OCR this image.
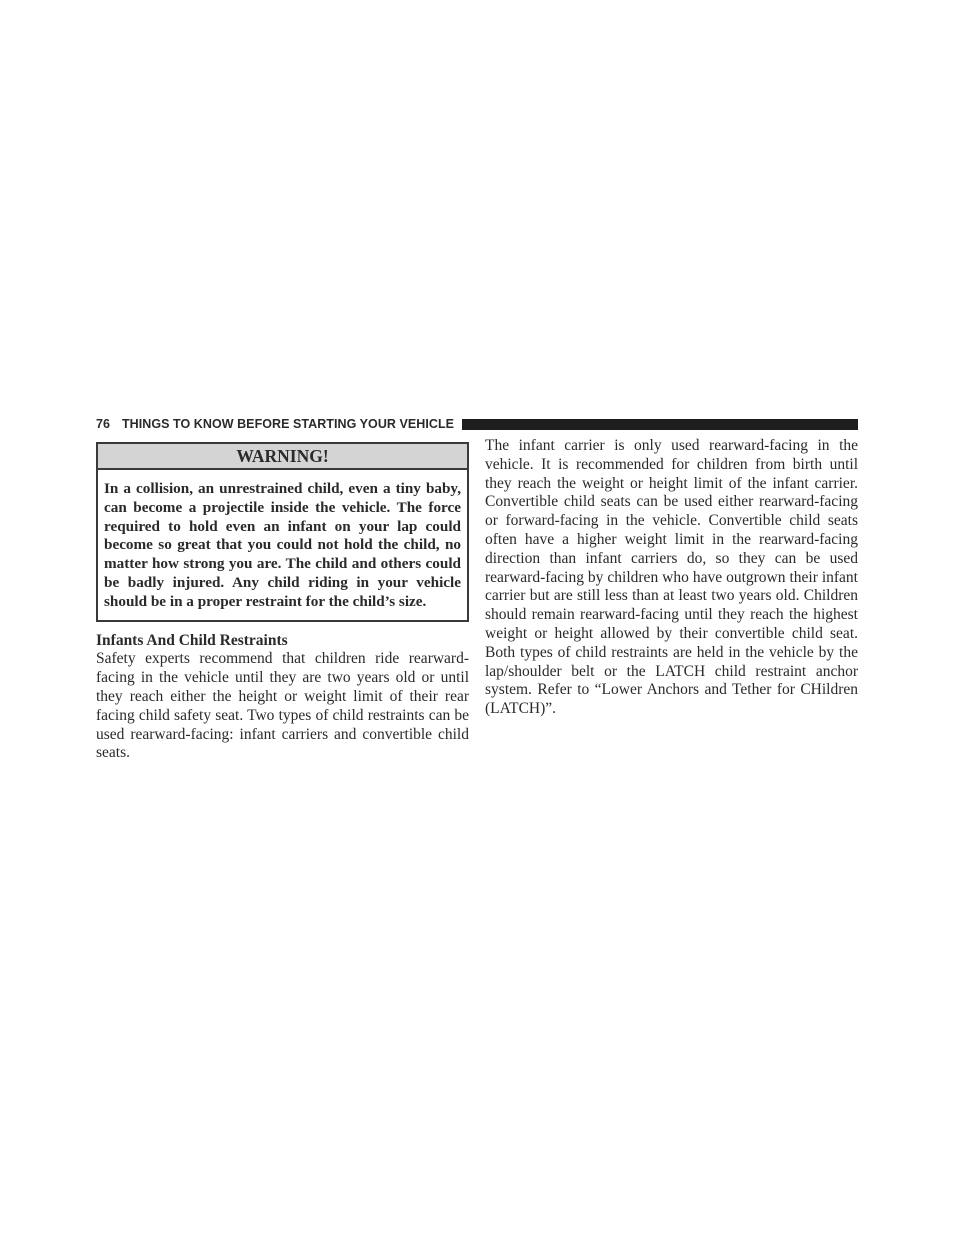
76 THINGS TO KNOW BEFORE STARTING YOUR VEHICLE
WARNING!
In a collision, an unrestrained child, even a tiny baby, can become a projectile inside the vehicle. The force required to hold even an infant on your lap could become so great that you could not hold the child, no matter how strong you are. The child and others could be badly injured. Any child riding in your vehicle should be in a proper restraint for the child’s size.
Infants And Child Restraints

Safety experts recommend that children ride rearward-facing in the vehicle until they are two years old or until they reach either the height or weight limit of their rear facing child safety seat. Two types of child restraints can be used rearward-facing: infant carriers and convertible child seats.

The infant carrier is only used rearward-facing in the vehicle. It is recommended for children from birth until they reach the weight or height limit of the infant carrier. Convertible child seats can be used either rearward-facing or forward-facing in the vehicle. Convertible child seats often have a higher weight limit in the rearward-facing direction than infant carriers do, so they can be used rearward-facing by children who have outgrown their infant carrier but are still less than at least two years old. Children should remain rearward-facing until they reach the highest weight or height allowed by their convertible child seat. Both types of child restraints are held in the vehicle by the lap/shoulder belt or the LATCH child restraint anchor system. Refer to “Lower Anchors and Tether for CHildren (LATCH)”.
